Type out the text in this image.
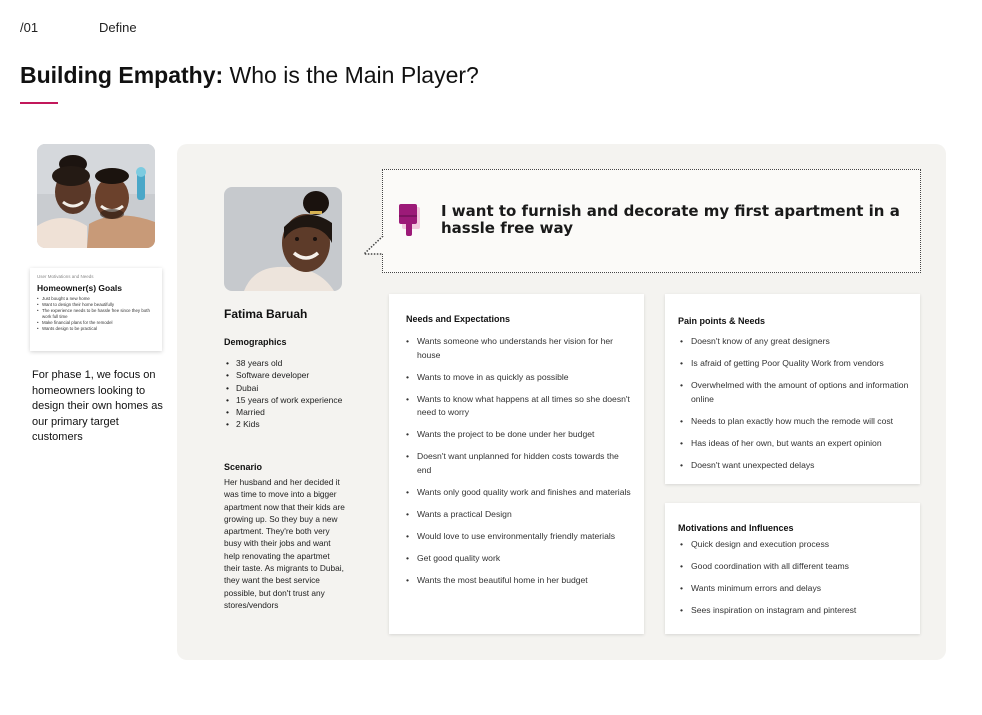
/01	Define
Building Empathy: Who is the Main Player?
User Motivations and Needs
Homeowner(s) Goals
• Just bought a new home
• Want to design their home beautifully
• The experience needs to be hassle free since they both work full time
• Make financial plans for the remodel
• Wants design to be practical
For phase 1, we focus on homeowners looking to design their own homes as our primary target customers
I want to furnish and decorate my first apartment in a hassle free way
Fatima Baruah
Demographics
• 38 years old
• Software developer
• Dubai
• 15 years of work experience
• Married
• 2 Kids
Scenario
Her husband and her decided it was time to move into a bigger apartment now that their kids are growing up. So they buy a new apartment. They're both very busy with their jobs and want help renovating the apartmet their taste. As migrants to Dubai, they want the best service possible, but don't trust any stores/vendors
Needs and Expectations
• Wants someone who understands her vision for her house
• Wants to move in as quickly as possible
• Wants to know what happens at all times so she doesn't need to worry
• Wants the project to be done under her budget
• Doesn't want unplanned for hidden costs towards the end
• Wants only good quality work and finishes and materials
• Wants a practical Design
• Would love to use environmentally friendly materials
• Get good quality work
• Wants the most beautiful home in her budget
Pain points & Needs
• Doesn't know of any great designers
• Is afraid of getting Poor Quality Work from vendors
• Overwhelmed with the amount of options and information online
• Needs to plan exactly how much the remode will cost
• Has ideas of her own, but wants an expert opinion
• Doesn't want unexpected delays
Motivations and Influences
• Quick design and execution process
• Good coordination with all different teams
• Wants minimum errors and delays
• Sees inspiration on instagram and pinterest
